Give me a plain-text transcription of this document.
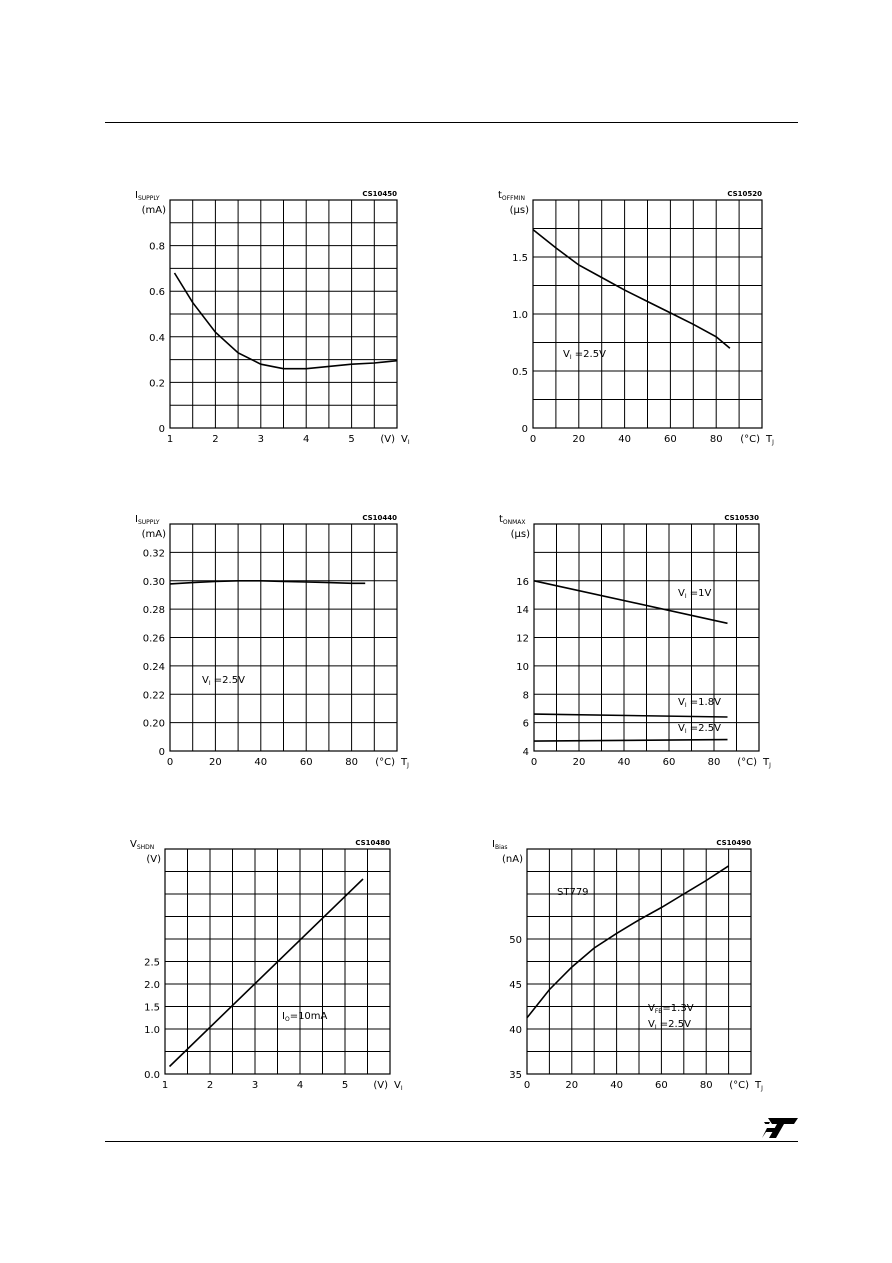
1	2	3	4	5	$V_I$
(V)
0
0.2
0.4
0.6
0.8
$I_{SUPPLY}$
(mA)
CS10450
0	20	40	60	80	$T_J$
(°C)
0
0.5
1.0
1.5
$t_{OFFMIN}$
(µs)
CS10520
$V_I =2.5V$
0	20	40	60	80	$T_J$
(°C)
0
0.20
0.22
0.24
0.26
0.28
0.30
0.32
$I_{SUPPLY}$
(mA)
CS10440
$V_I =2.5V$
0	20	40	60	80	$T_J$
(°C)
4
6
8
10
12
14
16
$t_{ONMAX}$
(µs)
CS10530
$V_I =1V$
$V_I =1.8V$
$V_I =2.5V$
1	2	3	4	5	$V_I$
(V)
0.0
1.0
1.5
2.0
2.5
$V_{SHDN}$
(V)
CS10480
$I_O=10mA$
0	20	40	60	80	$T_J$
(°C)
35
40
45
50
$I_{Bias}$
(nA)
CS10490
ST779
$V_{FB}=1.3V$
$V_I =2.5V$
